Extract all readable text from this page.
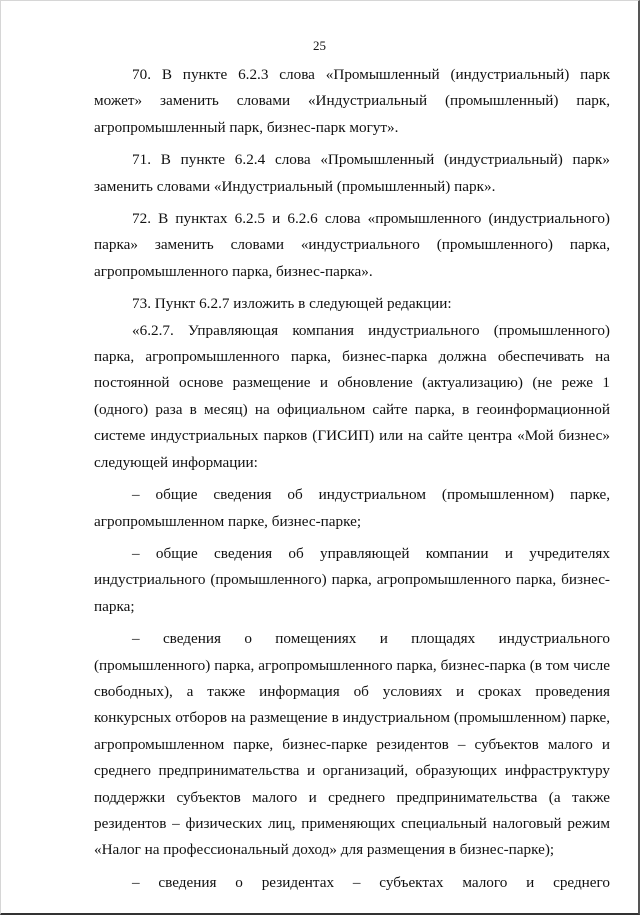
25

70. В пункте 6.2.3 слова «Промышленный (индустриальный) парк может» заменить словами «Индустриальный (промышленный) парк, агропромышленный парк, бизнес-парк могут».

71. В пункте 6.2.4 слова «Промышленный (индустриальный) парк» заменить словами «Индустриальный (промышленный) парк».

72. В пунктах 6.2.5 и 6.2.6 слова «промышленного (индустриального) парка» заменить словами «индустриального (промышленного) парка, агропромышленного парка, бизнес-парка».

73. Пункт 6.2.7 изложить в следующей редакции:

«6.2.7. Управляющая компания индустриального (промышленного) парка, агропромышленного парка, бизнес-парка должна обеспечивать на постоянной основе размещение и обновление (актуализацию) (не реже 1 (одного) раза в месяц) на официальном сайте парка, в геоинформационной системе индустриальных парков (ГИСИП) или на сайте центра «Мой бизнес» следующей информации:

– общие сведения об индустриальном (промышленном) парке, агропромышленном парке, бизнес-парке;

– общие сведения об управляющей компании и учредителях индустриального (промышленного) парка, агропромышленного парка, бизнес-парка;

– сведения о помещениях и площадях индустриального (промышленного) парка, агропромышленного парка, бизнес-парка (в том числе свободных), а также информация об условиях и сроках проведения конкурсных отборов на размещение в индустриальном (промышленном) парке, агропромышленном парке, бизнес-парке резидентов – субъектов малого и среднего предпринимательства и организаций, образующих инфраструктуру поддержки субъектов малого и среднего предпринимательства (а также резидентов – физических лиц, применяющих специальный налоговый режим «Налог на профессиональный доход» для размещения в бизнес-парке);

– сведения о резидентах – субъектах малого и среднего
